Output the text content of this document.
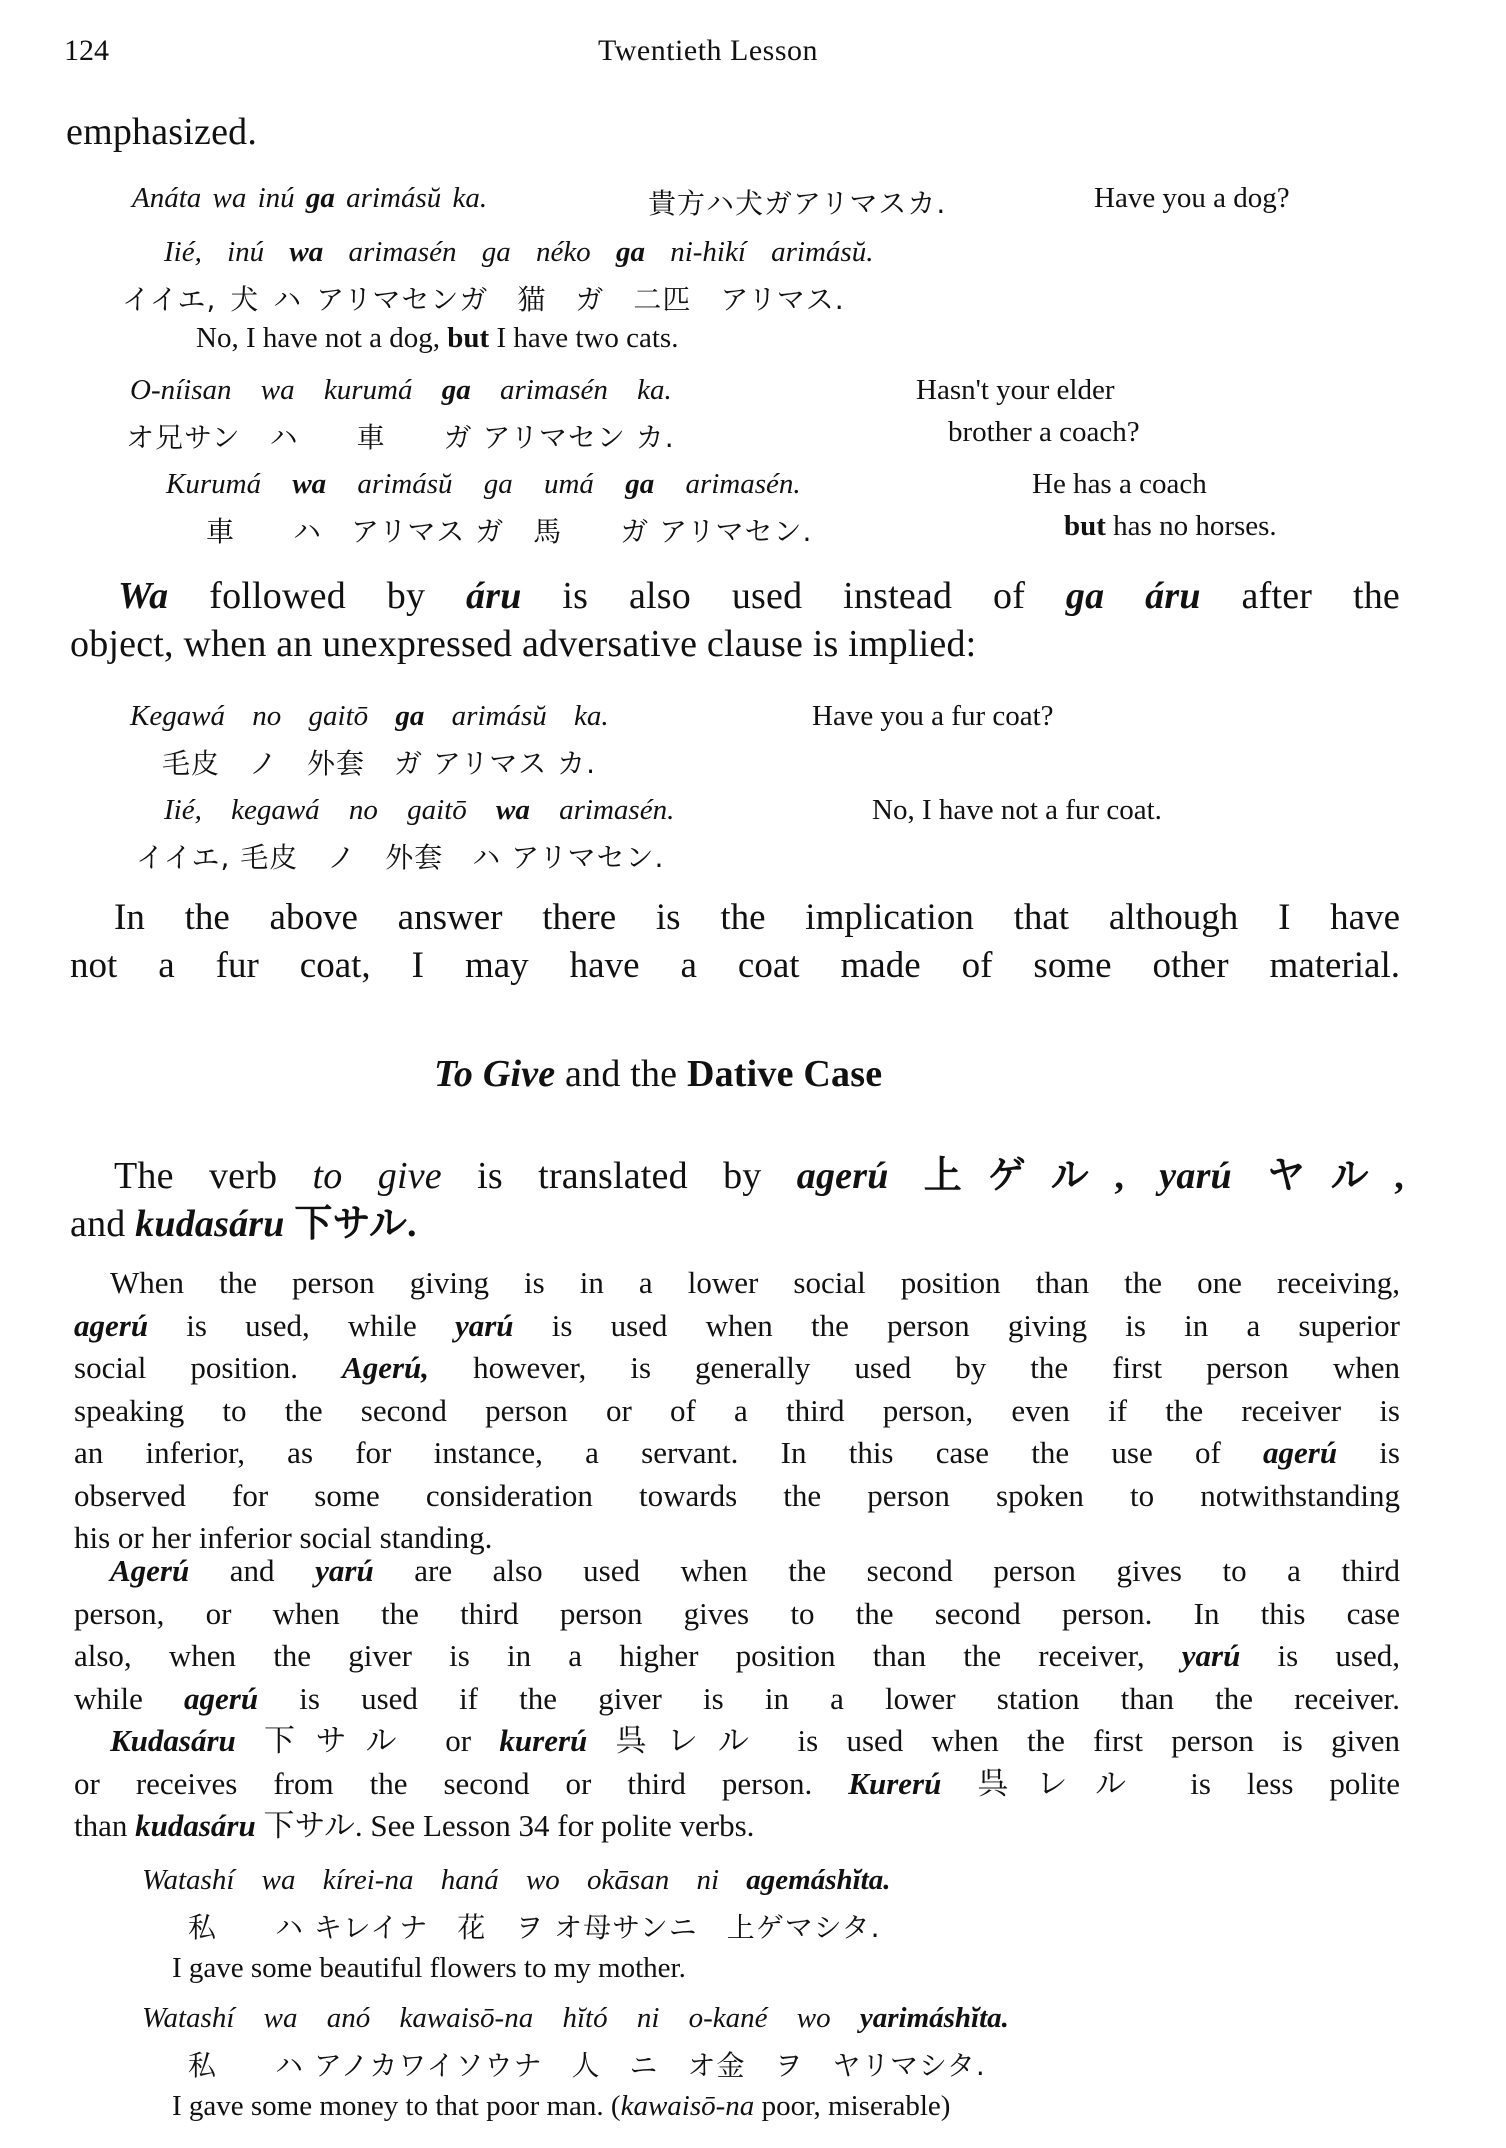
124	Twentieth Lesson
emphasized.
Anáta wa inú ga arimásŭ ka.	貴方ハ犬ガアリマスカ.	Have you a dog?
Iié, inú wa arimasén ga néko ga ni-hikí arimásŭ.
イイエ, 犬 ハ アリマセンガ　猫　ガ　二匹　アリマス.
No, I have not a dog, but I have two cats.
O-níisan wa kurumá ga arimasén ka.	Hasn't your elder
オ兄サン　ハ　　車　　ガ アリマセン カ.	brother a coach?
Kurumá wa arimásŭ ga umá ga arimasén.	He has a coach
車　　ハ　アリマス ガ　馬　　ガ アリマセン.	but has no horses.
Wa followed by áru is also used instead of ga áru after the
object, when an unexpressed adversative clause is implied:
Kegawá no gaitō ga arimásŭ ka.	Have you a fur coat?
毛皮　ノ　外套　ガ アリマス カ.
Iié, kegawá no gaitō wa arimasén.	No, I have not a fur coat.
イイエ, 毛皮　ノ　外套　ハ アリマセン.
In the above answer there is the implication that although I have
not a fur coat, I may have a coat made of some other material.
To Give and the Dative Case
The verb to give is translated by agerú 上ゲル, yarú ヤル,
and kudasáru 下サル.
When the person giving is in a lower social position than the one receiving,
agerú is used, while yarú is used when the person giving is in a superior
social position. Agerú, however, is generally used by the first person when
speaking to the second person or of a third person, even if the receiver is
an inferior, as for instance, a servant. In this case the use of agerú is
observed for some consideration towards the person spoken to notwithstanding
his or her inferior social standing.
Agerú and yarú are also used when the second person gives to a third
person, or when the third person gives to the second person. In this case
also, when the giver is in a higher position than the receiver, yarú is used,
while agerú is used if the giver is in a lower station than the receiver.
Kudasáru 下サル or kurerú 呉レル is used when the first person is given
or receives from the second or third person. Kurerú 呉レル is less polite
than kudasáru 下サル. See Lesson 34 for polite verbs.
Watashí wa kírei-na haná wo okāsan ni agemáshĭta.
私　　ハ キレイナ　花　ヲ オ母サンニ　上ゲマシタ.
I gave some beautiful flowers to my mother.
Watashí wa anó kawaisō-na hĭtó ni o-kané wo yarimáshĭta.
私　　ハ アノカワイソウナ　人　ニ　オ金　ヲ　ヤリマシタ.
I gave some money to that poor man. (kawaisō-na poor, miserable)
